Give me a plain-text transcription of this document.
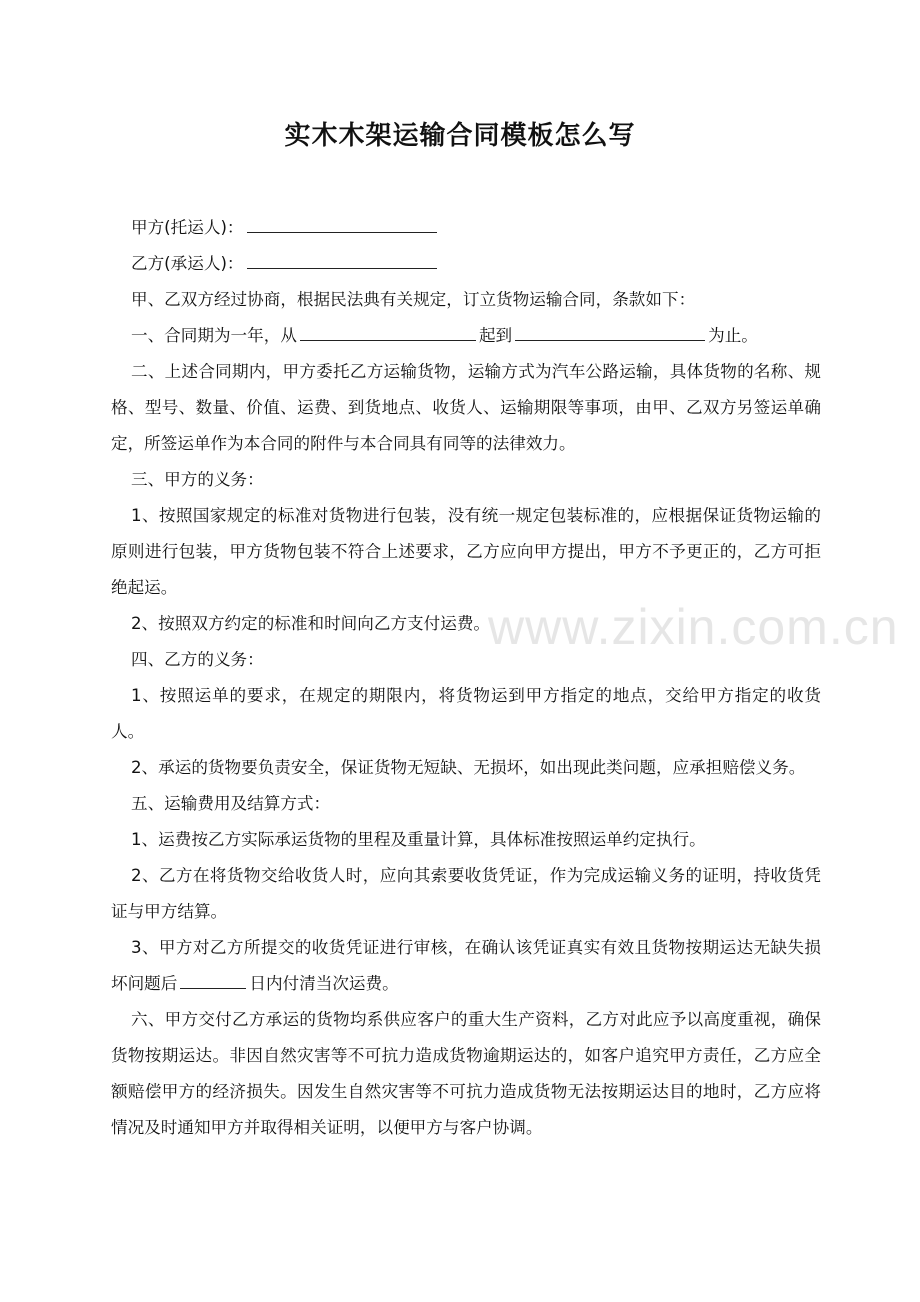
实木木架运输合同模板怎么写
www.zixin.com.cn

甲方(托运人)：

乙方(承运人)：

甲、乙双方经过协商，根据民法典有关规定，订立货物运输合同，条款如下：

一、合同期为一年，从	起到	为止。

二、上述合同期内，甲方委托乙方运输货物，运输方式为汽车公路运输，具体货物的名称、规格、型号、数量、价值、运费、到货地点、收货人、运输期限等事项，由甲、乙双方另签运单确定，所签运单作为本合同的附件与本合同具有同等的法律效力。

三、甲方的义务：

1、按照国家规定的标准对货物进行包装，没有统一规定包装标准的，应根据保证货物运输的原则进行包装，甲方货物包装不符合上述要求，乙方应向甲方提出，甲方不予更正的，乙方可拒绝起运。

2、按照双方约定的标准和时间向乙方支付运费。

四、乙方的义务：

1、按照运单的要求，在规定的期限内，将货物运到甲方指定的地点，交给甲方指定的收货人。

2、承运的货物要负责安全，保证货物无短缺、无损坏，如出现此类问题，应承担赔偿义务。

五、运输费用及结算方式：

1、运费按乙方实际承运货物的里程及重量计算，具体标准按照运单约定执行。

2、乙方在将货物交给收货人时，应向其索要收货凭证，作为完成运输义务的证明，持收货凭证与甲方结算。

3、甲方对乙方所提交的收货凭证进行审核，在确认该凭证真实有效且货物按期运达无缺失损坏问题后	日内付清当次运费。

六、甲方交付乙方承运的货物均系供应客户的重大生产资料，乙方对此应予以高度重视，确保货物按期运达。非因自然灾害等不可抗力造成货物逾期运达的，如客户追究甲方责任，乙方应全额赔偿甲方的经济损失。因发生自然灾害等不可抗力造成货物无法按期运达目的地时，乙方应将情况及时通知甲方并取得相关证明，以便甲方与客户协调。
